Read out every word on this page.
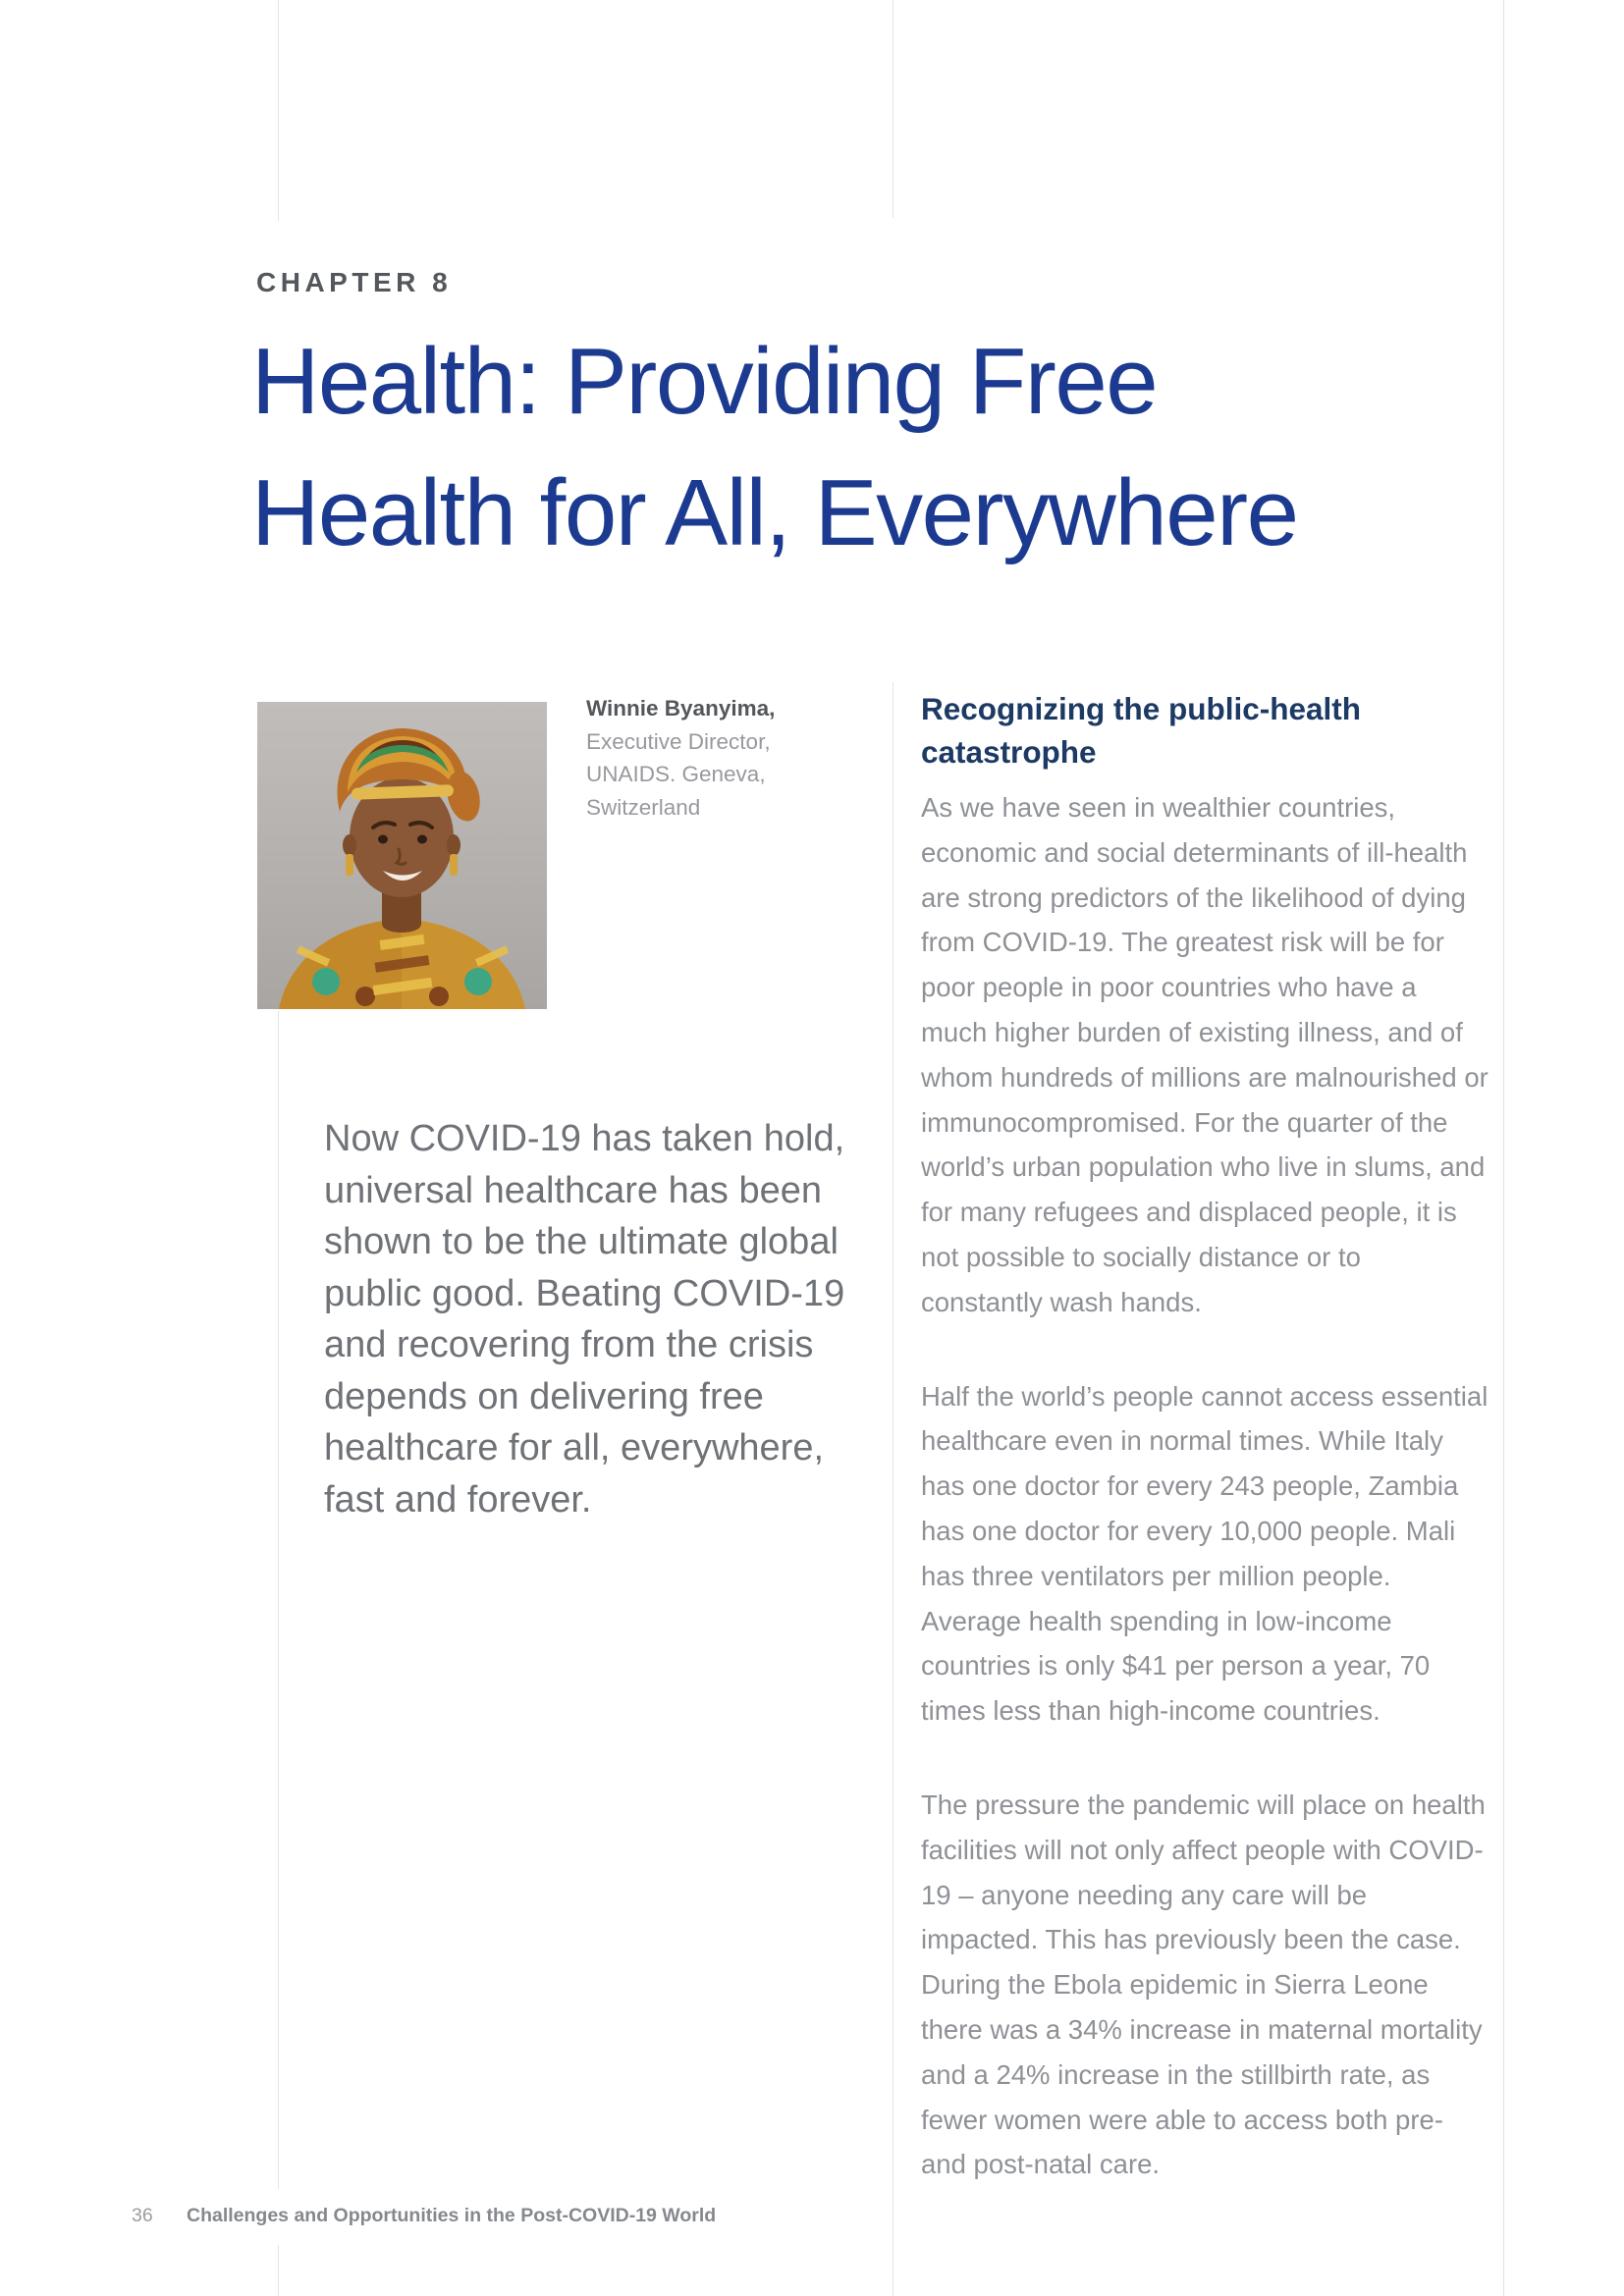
CHAPTER 8
Health: Providing Free
Health for All, Everywhere
Winnie Byanyima,
Executive Director,
UNAIDS. Geneva,
Switzerland
Now COVID-19 has taken hold, universal healthcare has been shown to be the ultimate global public good. Beating COVID-19 and recovering from the crisis depends on delivering free healthcare for all, everywhere, fast and forever.
Recognizing the public-health catastrophe

As we have seen in wealthier countries, economic and social determinants of ill-health are strong predictors of the likelihood of dying from COVID-19. The greatest risk will be for poor people in poor countries who have a much higher burden of existing illness, and of whom hundreds of millions are malnourished or immunocompromised. For the quarter of the world’s urban population who live in slums, and for many refugees and displaced people, it is not possible to socially distance or to constantly wash hands.

Half the world’s people cannot access essential healthcare even in normal times. While Italy has one doctor for every 243 people, Zambia has one doctor for every 10,000 people. Mali has three ventilators per million people. Average health spending in low-income countries is only $41 per person a year, 70 times less than high-income countries.

The pressure the pandemic will place on health facilities will not only affect people with COVID-19 – anyone needing any care will be impacted. This has previously been the case. During the Ebola epidemic in Sierra Leone there was a 34% increase in maternal mortality and a 24% increase in the stillbirth rate, as fewer women were able to access both pre- and post-natal care.

36 Challenges and Opportunities in the Post-COVID-19 World
